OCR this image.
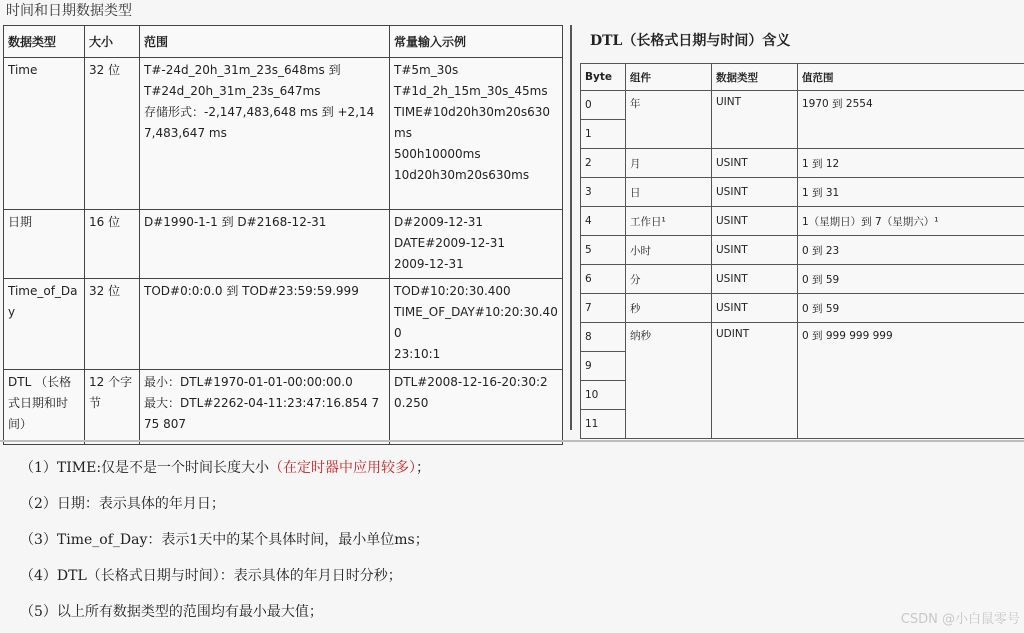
时间和日期数据类型
数据类型	大小	范围	常量输入示例
Time	32 位	T#-24d_20h_31m_23s_648ms 到
T#24d_20h_31m_23s_647ms
存储形式：-2,147,483,648 ms 到 +2,147,483,647 ms	T#5m_30s
T#1d_2h_15m_30s_45ms
TIME#10d20h30m20s630ms
500h10000ms
10d20h30m20s630ms

日期	16 位	D#1990-1-1 到 D#2168-12-31	D#2009-12-31
DATE#2009-12-31
2009-12-31

Time_of_Day	32 位	TOD#0:0:0.0 到 TOD#23:59:59.999	TOD#10:20:30.400
TIME_OF_DAY#10:20:30.400
23:10:1

DTL （长格式日期和时间）	12 个字节	最小：DTL#1970-01-01-00:00:00.0
最大：DTL#2262-04-11:23:47:16.854 775 807	DTL#2008-12-16-20:30:20.250
DTL（长格式日期与时间）含义
Byte	组件	数据类型	值范围
0	年	UINT	1970 到 2554
1			
2	月	USINT	1 到 12
3	日	USINT	1 到 31
4	工作日¹	USINT	1（星期日）到 7（星期六）¹
5	小时	USINT	0 到 23
6	分	USINT	0 到 59
7	秒	USINT	0 到 59
8	纳秒	UDINT	0 到 999 999 999
9			
10			
11			
（1）TIME:仅是不是一个时间长度大小（在定时器中应用较多）；
（2）日期：表示具体的年月日；
（3）Time_of_Day：表示1天中的某个具体时间，最小单位ms；
（4）DTL（长格式日期与时间）：表示具体的年月日时分秒；
（5）以上所有数据类型的范围均有最小最大值；	CSDN @小白鼠零号
